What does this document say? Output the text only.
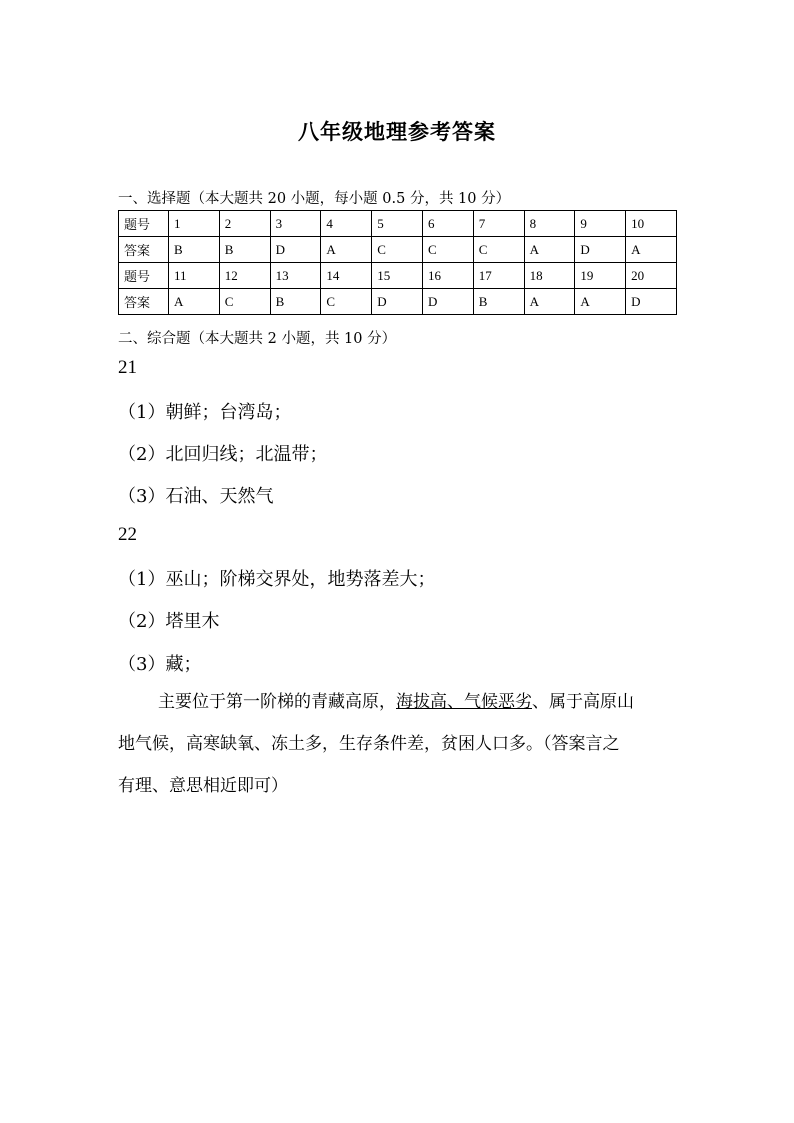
八年级地理参考答案
一、选择题（本大题共 20 小题，每小题 0.5 分，共 10 分）
题号	1	2	3	4	5	6	7	8	9	10
答案	B	B	D	A	C	C	C	A	D	A
题号	11	12	13	14	15	16	17	18	19	20
答案	A	C	B	C	D	D	B	A	A	D
二、综合题（本大题共 2 小题，共 10 分）
21
（1）朝鲜；台湾岛；
（2）北回归线；北温带；
（3）石油、天然气
22
（1）巫山；阶梯交界处，地势落差大；
（2）塔里木
（3）藏；
主要位于第一阶梯的青藏高原，海拔高、气候恶劣、属于高原山
地气候，高寒缺氧、冻土多，生存条件差，贫困人口多。（答案言之
有理、意思相近即可）
